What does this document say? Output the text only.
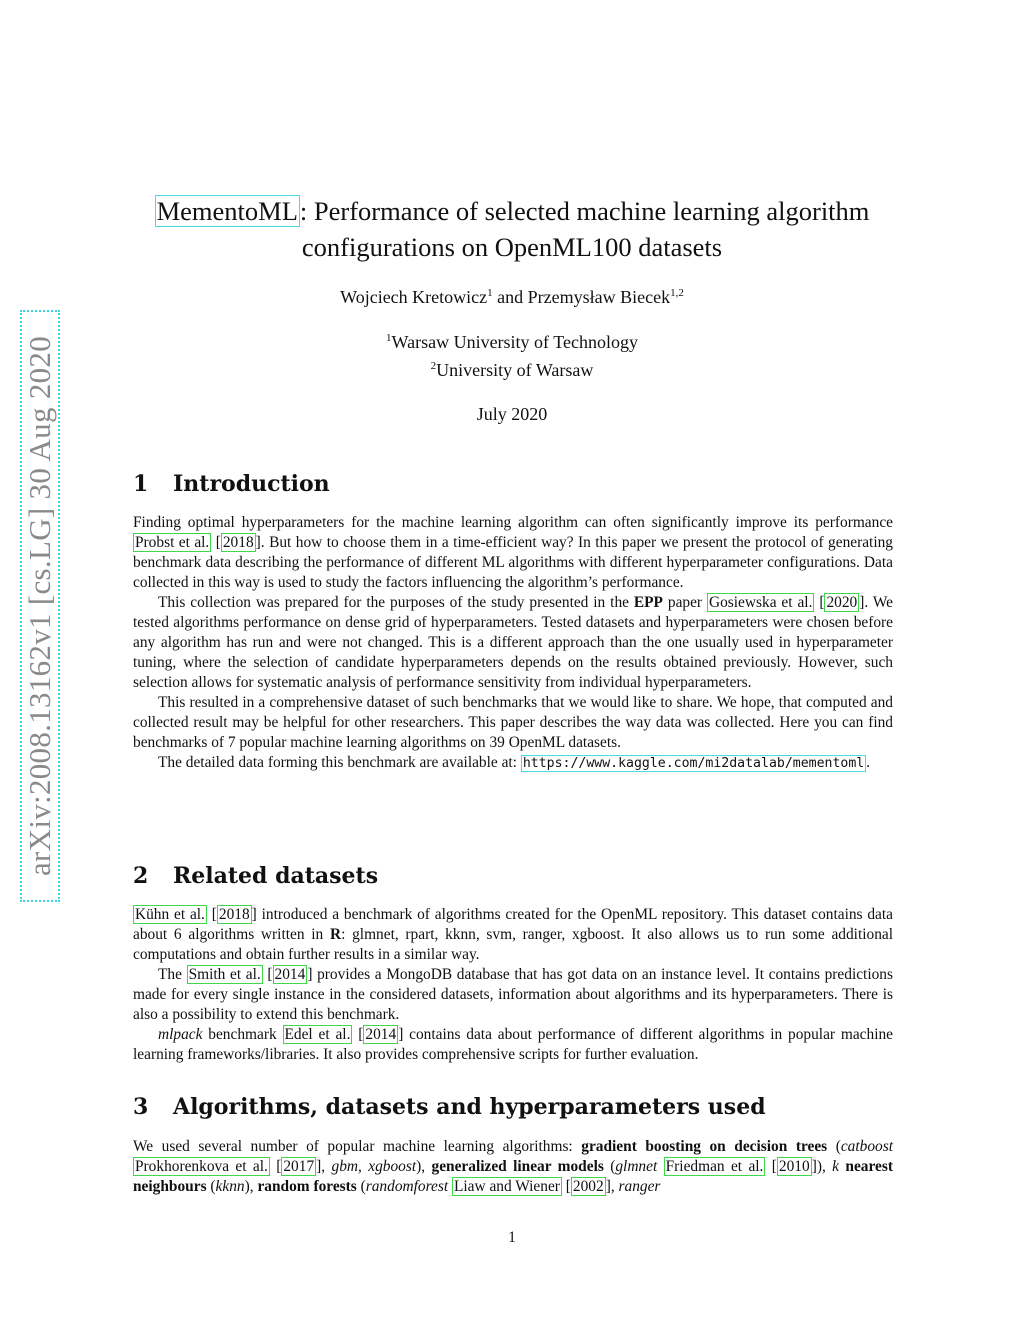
arXiv:2008.13162v1 [cs.LG] 30 Aug 2020
MementoML: Performance of selected machine learning algorithm
configurations on OpenML100 datasets
Wojciech Kretowicz$^1$ and Przemysław Biecek$^{1,2}$
$^1$Warsaw University of Technology
$^2$University of Warsaw
July 2020
1 Introduction

Finding optimal hyperparameters for the machine learning algorithm can often significantly improve its performance Probst et al. [ 2018 ]. But how to choose them in a time-efficient way? In this paper we present the protocol of generating benchmark data describing the performance of different ML algorithms with different hyperparameter configurations. Data collected in this way is used to study the factors influencing the algorithm’s performance.

This collection was prepared for the purposes of the study presented in the EPP paper Gosiewska et al. [ 2020 ]. We tested algorithms performance on dense grid of hyperparameters. Tested datasets and hyperparameters were chosen before any algorithm has run and were not changed. This is a different approach than the one usually used in hyperparameter tuning, where the selection of candidate hyperparameters depends on the results obtained previously. However, such selection allows for systematic analysis of performance sensitivity from individual hyperparameters.

This resulted in a comprehensive dataset of such benchmarks that we would like to share. We hope, that computed and collected result may be helpful for other researchers. This paper describes the way data was collected. Here you can find benchmarks of 7 popular machine learning algorithms on 39 OpenML datasets.

The detailed data forming this benchmark are available at: https://www.kaggle.com/mi2datalab/mementoml .

2 Related datasets

Kühn et al. [ 2018 ] introduced a benchmark of algorithms created for the OpenML repository. This dataset contains data about 6 algorithms written in R: glmnet, rpart, kknn, svm, ranger, xgboost. It also allows us to run some additional computations and obtain further results in a similar way.

The Smith et al. [ 2014 ] provides a MongoDB database that has got data on an instance level. It contains predictions made for every single instance in the considered datasets, information about algorithms and its hyperparameters. There is also a possibility to extend this benchmark.

mlpack benchmark Edel et al. [ 2014 ] contains data about performance of different algorithms in popular machine learning frameworks/libraries. It also provides comprehensive scripts for further evaluation.

3 Algorithms, datasets and hyperparameters used

We used several number of popular machine learning algorithms: gradient boosting on decision trees (catboost Prokhorenkova et al. [ 2017 ], gbm, xgboost), generalized linear models (glmnet Friedman et al. [ 2010 ]), k nearest neighbours (kknn), random forests (randomforest Liaw and Wiener [ 2002 ], ranger

1
